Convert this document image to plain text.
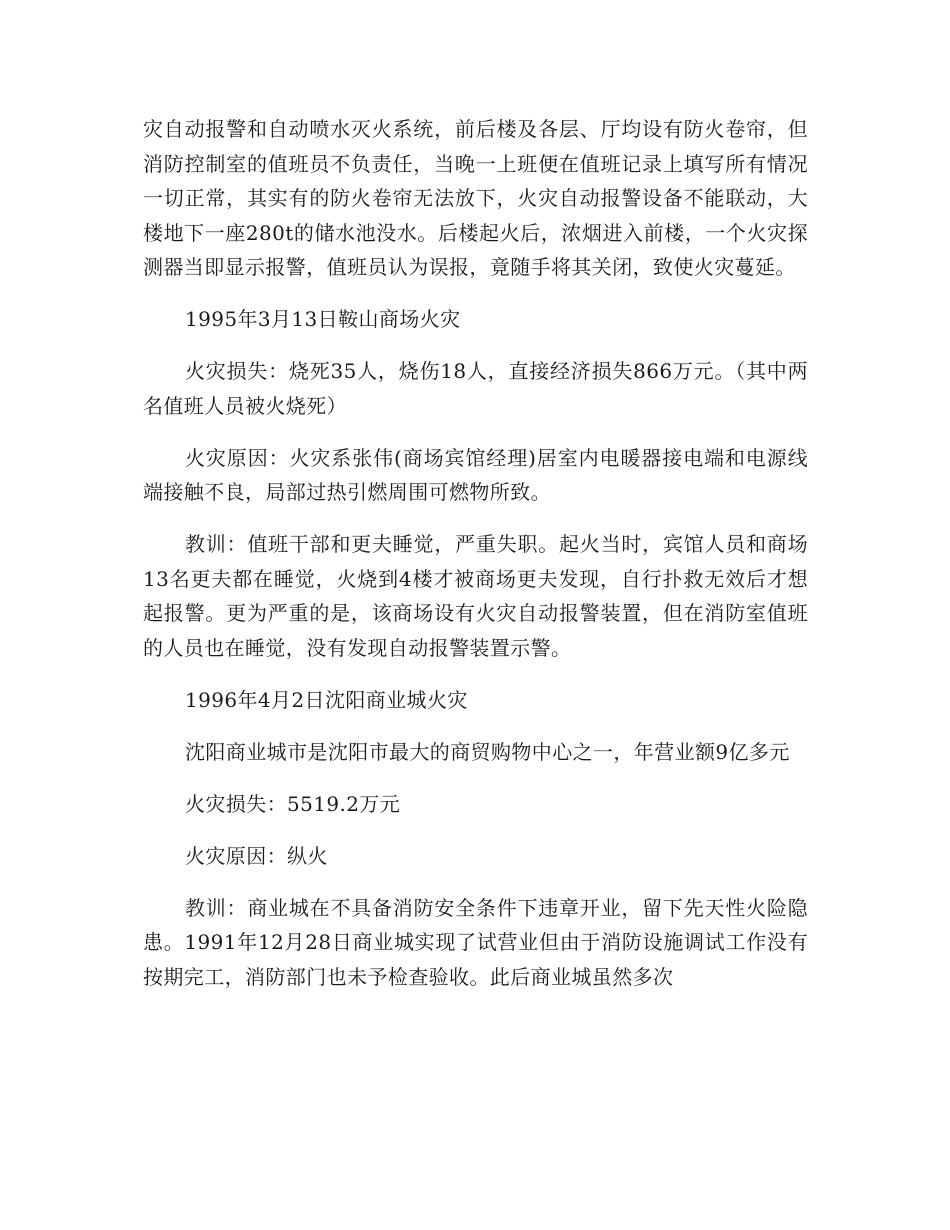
灾自动报警和自动喷水灭火系统，前后楼及各层、厅均设有防火卷帘，但消防控制室的值班员不负责任，当晚一上班便在值班记录上填写所有情况一切正常，其实有的防火卷帘无法放下，火灾自动报警设备不能联动，大楼地下一座280t的储水池没水。后楼起火后，浓烟进入前楼，一个火灾探测器当即显示报警，值班员认为误报，竟随手将其关闭，致使火灾蔓延。

1995年3月13日鞍山商场火灾

火灾损失：烧死35人，烧伤18人，直接经济损失866万元。（其中两名值班人员被火烧死）

火灾原因：火灾系张伟(商场宾馆经理)居室内电暖器接电端和电源线端接触不良，局部过热引燃周围可燃物所致。

教训：值班干部和更夫睡觉，严重失职。起火当时，宾馆人员和商场13名更夫都在睡觉，火烧到4楼才被商场更夫发现，自行扑救无效后才想起报警。更为严重的是，该商场设有火灾自动报警装置，但在消防室值班的人员也在睡觉，没有发现自动报警装置示警。

1996年4月2日沈阳商业城火灾

沈阳商业城市是沈阳市最大的商贸购物中心之一，年营业额9亿多元

火灾损失：5519.2万元

火灾原因：纵火

教训：商业城在不具备消防安全条件下违章开业，留下先天性火险隐患。1991年12月28日商业城实现了试营业但由于消防设施调试工作没有按期完工，消防部门也未予检查验收。此后商业城虽然多次
